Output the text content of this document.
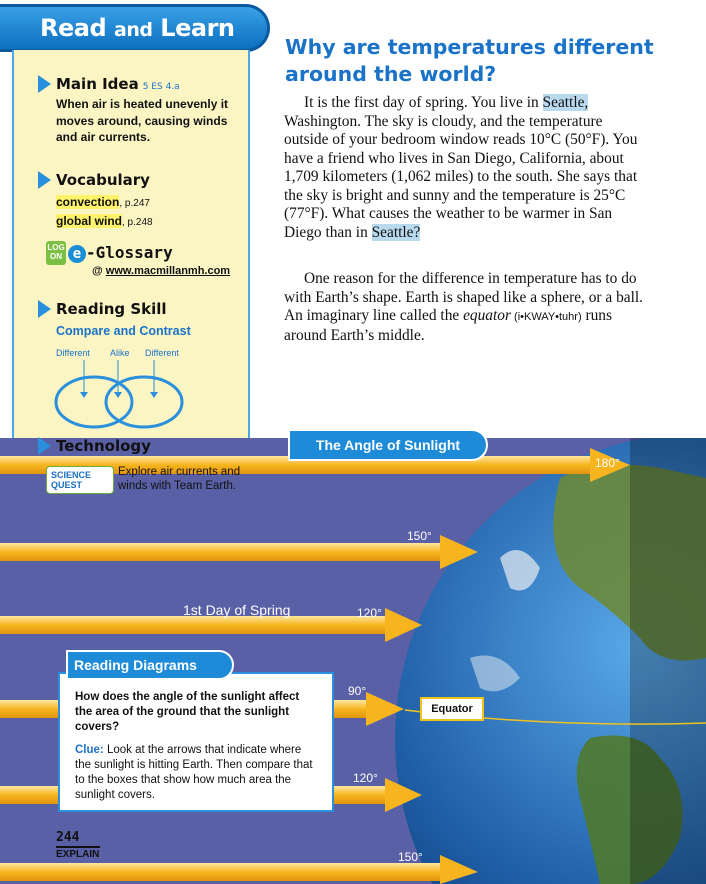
Read and Learn
Main Idea 5 ES 4.a
When air is heated unevenly it moves around, causing winds and air currents.
Vocabulary
convection, p.247
global wind, p.248
LOG ON e -Glossary
@ www.macmillanmh.com
Reading Skill
Compare and Contrast
Different Alike Different
Why are temperatures different around the world?
It is the first day of spring. You live in Seattle, Washington. The sky is cloudy, and the temperature outside of your bedroom window reads 10°C (50°F). You have a friend who lives in San Diego, California, about 1,709 kilometers (1,062 miles) to the south. She says that the sky is bright and sunny and the temperature is 25°C (77°F). What causes the weather to be warmer in San Diego than in Seattle?
One reason for the difference in temperature has to do with Earth’s shape. Earth is shaped like a sphere, or a ball. An imaginary line called the equator (i•KWAY•tuhr) runs around Earth’s middle.
The Angle of Sunlight
180°
150°
120°
90°
120°
150°
1st Day of Spring
Equator
Technology
SCIENCE QUEST
Explore air currents and winds with Team Earth.
How does the angle of the sunlight affect the area of the ground that the sunlight covers?
Clue: Look at the arrows that indicate where the sunlight is hitting Earth. Then compare that to the boxes that show how much area the sunlight covers.
Reading Diagrams
244
EXPLAIN
